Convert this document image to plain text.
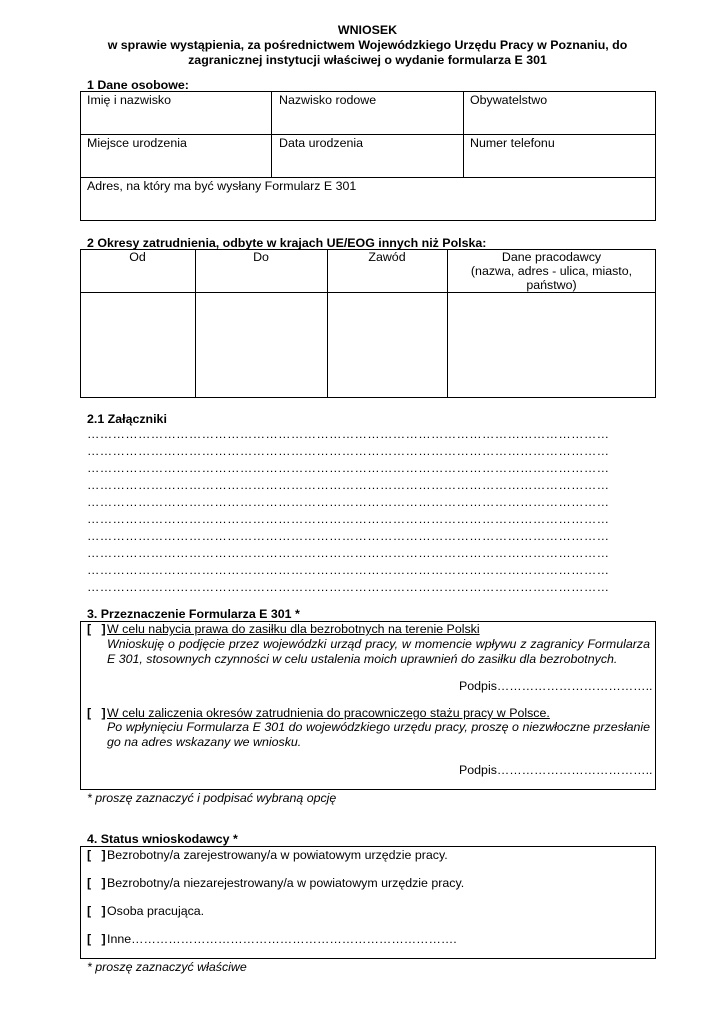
WNIOSEK
w sprawie wystąpienia, za pośrednictwem Wojewódzkiego Urzędu Pracy w Poznaniu, do
zagranicznej instytucji właściwej o wydanie formularza E 301
1 Dane osobowe:
Imię i nazwisko	Nazwisko rodowe	Obywatelstwo
Miejsce urodzenia	Data urodzenia	Numer telefonu
Adres, na który ma być wysłany Formularz E 301
2 Okresy zatrudnienia, odbyte w krajach UE/EOG innych niż Polska:
Od	Do	Zawód	Dane pracodawcy
(nazwa, adres - ulica, miasto,
państwo)
2.1 Załączniki
……………………………………………………………………………………………………………
……………………………………………………………………………………………………………
……………………………………………………………………………………………………………
……………………………………………………………………………………………………………
……………………………………………………………………………………………………………
……………………………………………………………………………………………………………
……………………………………………………………………………………………………………
……………………………………………………………………………………………………………
……………………………………………………………………………………………………………
……………………………………………………………………………………………………………
3. Przeznaczenie Formularza E 301 *
[   ] W celu nabycia prawa do zasiłku dla bezrobotnych na terenie Polski
Wnioskuję o podjęcie przez wojewódzki urząd pracy, w momencie wpływu z zagranicy Formularza E 301, stosownych czynności w celu ustalenia moich uprawnień do zasiłku dla bezrobotnych.
Podpis………………………………..
[   ] W celu zaliczenia okresów zatrudnienia do pracowniczego stażu pracy w Polsce.
Po wpłynięciu Formularza E 301 do wojewódzkiego urzędu pracy, proszę o niezwłoczne przesłanie go na adres wskazany we wniosku.
Podpis………………………………..
* proszę zaznaczyć i podpisać wybraną opcję
4. Status wnioskodawcy *
[   ] Bezrobotny/a zarejestrowany/a w powiatowym urzędzie pracy.
[   ] Bezrobotny/a niezarejestrowany/a w powiatowym urzędzie pracy.
[   ] Osoba pracująca.
[   ] Inne…………………………………………………………………….
* proszę zaznaczyć właściwe
